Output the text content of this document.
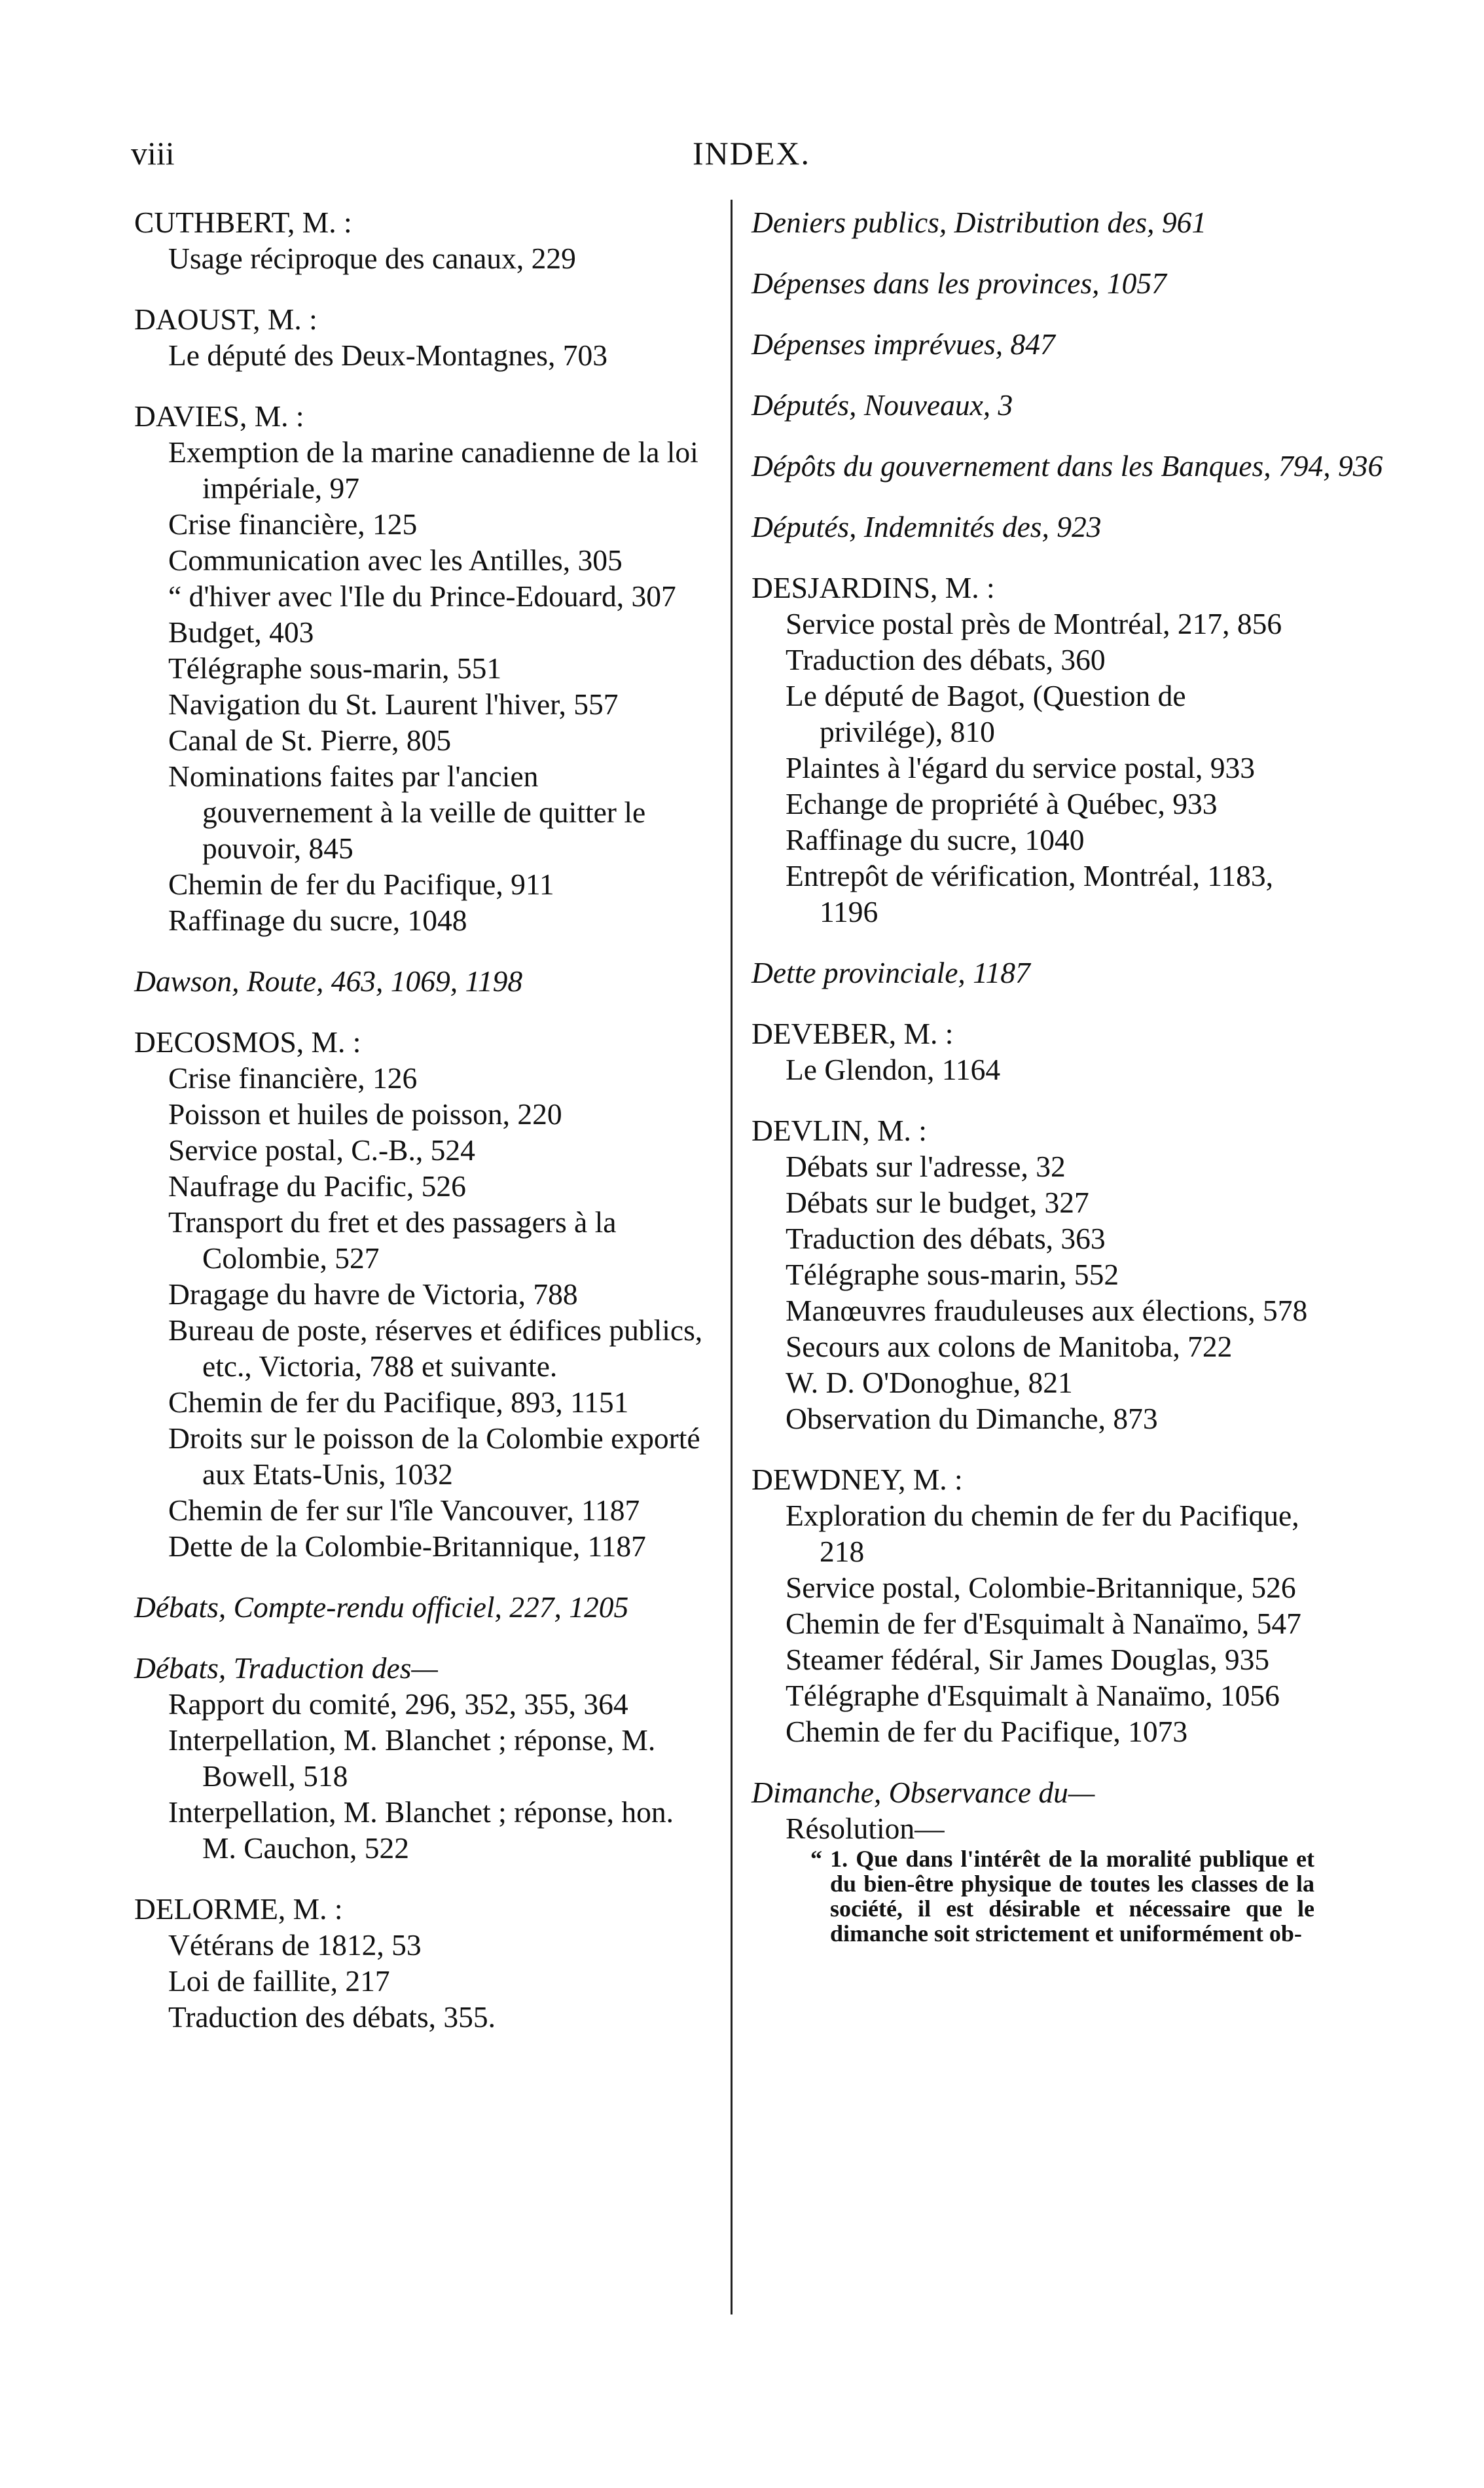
viii	INDEX.
CUTHBERT, M. :
Usage réciproque des canaux, 229
DAOUST, M. :
Le député des Deux-Montagnes, 703
DAVIES, M. :
Exemption de la marine canadienne de la loi impériale, 97
Crise financière, 125
Communication avec les Antilles, 305
“ d'hiver avec l'Ile du Prince-Edouard, 307
Budget, 403
Télégraphe sous-marin, 551
Navigation du St. Laurent l'hiver, 557
Canal de St. Pierre, 805
Nominations faites par l'ancien gouvernement à la veille de quitter le pouvoir, 845
Chemin de fer du Pacifique, 911
Raffinage du sucre, 1048
Dawson, Route, 463, 1069, 1198
DECOSMOS, M. :
Crise financière, 126
Poisson et huiles de poisson, 220
Service postal, C.-B., 524
Naufrage du Pacific, 526
Transport du fret et des passagers à la Colombie, 527
Dragage du havre de Victoria, 788
Bureau de poste, réserves et édifices publics, etc., Victoria, 788 et suivante.
Chemin de fer du Pacifique, 893, 1151
Droits sur le poisson de la Colombie exporté aux Etats-Unis, 1032
Chemin de fer sur l'île Vancouver, 1187
Dette de la Colombie-Britannique, 1187
Débats, Compte-rendu officiel, 227, 1205
Débats, Traduction des—
Rapport du comité, 296, 352, 355, 364
Interpellation, M. Blanchet ; réponse, M. Bowell, 518
Interpellation, M. Blanchet ; réponse, hon. M. Cauchon, 522
DELORME, M. :
Vétérans de 1812, 53
Loi de faillite, 217
Traduction des débats, 355.
Deniers publics, Distribution des, 961
Dépenses dans les provinces, 1057
Dépenses imprévues, 847
Députés, Nouveaux, 3
Dépôts du gouvernement dans les Banques, 794, 936
Députés, Indemnités des, 923
DESJARDINS, M. :
Service postal près de Montréal, 217, 856
Traduction des débats, 360
Le député de Bagot, (Question de privilége), 810
Plaintes à l'égard du service postal, 933
Echange de propriété à Québec, 933
Raffinage du sucre, 1040
Entrepôt de vérification, Montréal, 1183, 1196
Dette provinciale, 1187
DEVEBER, M. :
Le Glendon, 1164
DEVLIN, M. :
Débats sur l'adresse, 32
Débats sur le budget, 327
Traduction des débats, 363
Télégraphe sous-marin, 552
Manœuvres frauduleuses aux élections, 578
Secours aux colons de Manitoba, 722
W. D. O'Donoghue, 821
Observation du Dimanche, 873
DEWDNEY, M. :
Exploration du chemin de fer du Pacifique, 218
Service postal, Colombie-Britannique, 526
Chemin de fer d'Esquimalt à Nanaïmo, 547
Steamer fédéral, Sir James Douglas, 935
Télégraphe d'Esquimalt à Nanaïmo, 1056
Chemin de fer du Pacifique, 1073
Dimanche, Observance du—
Résolution—
“ 1. Que dans l'intérêt de la moralité publique et du bien-être physique de toutes les classes de la société, il est désirable et nécessaire que le dimanche soit strictement et uniformément ob-
